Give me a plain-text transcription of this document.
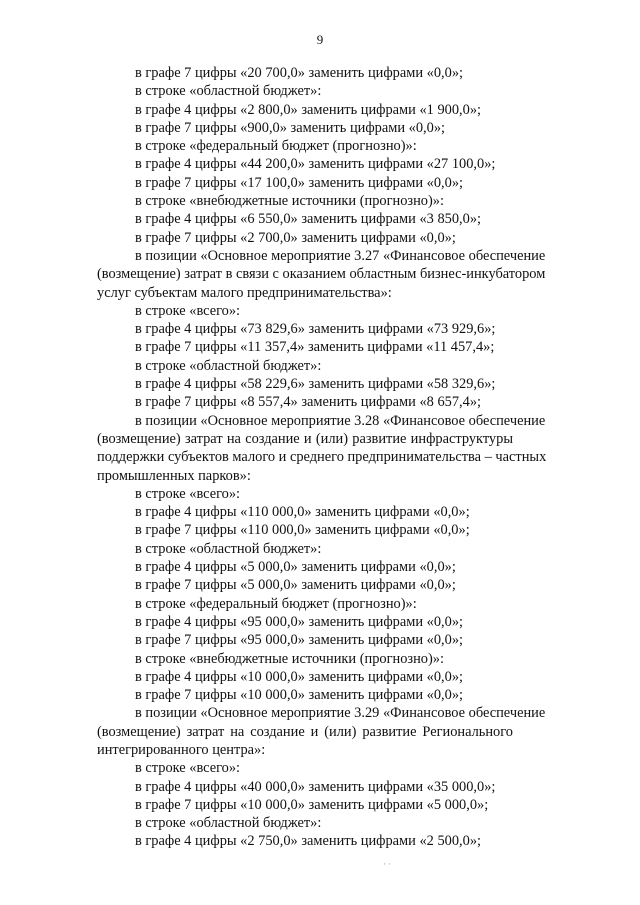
9
в графе 7 цифры «20 700,0» заменить цифрами «0,0»;
в строке «областной бюджет»:
в графе 4 цифры «2 800,0» заменить цифрами «1 900,0»;
в графе 7 цифры «900,0» заменить цифрами «0,0»;
в строке «федеральный бюджет (прогнозно)»:
в графе 4 цифры «44 200,0» заменить цифрами «27 100,0»;
в графе 7 цифры «17 100,0» заменить цифрами «0,0»;
в строке «внебюджетные источники (прогнозно)»:
в графе 4 цифры «6 550,0» заменить цифрами «3 850,0»;
в графе 7 цифры «2 700,0» заменить цифрами «0,0»;
в позиции «Основное мероприятие 3.27 «Финансовое обеспечение
(возмещение) затрат в связи с оказанием областным бизнес-инкубатором
услуг субъектам малого предпринимательства»:
в строке «всего»:
в графе 4 цифры «73 829,6» заменить цифрами «73 929,6»;
в графе 7 цифры «11 357,4» заменить цифрами «11 457,4»;
в строке «областной бюджет»:
в графе 4 цифры «58 229,6» заменить цифрами «58 329,6»;
в графе 7 цифры «8 557,4» заменить цифрами «8 657,4»;
в позиции «Основное мероприятие 3.28 «Финансовое обеспечение
(возмещение) затрат на создание и (или) развитие инфраструктуры
поддержки субъектов малого и среднего предпринимательства – частных
промышленных парков»:
в строке «всего»:
в графе 4 цифры «110 000,0» заменить цифрами «0,0»;
в графе 7 цифры «110 000,0» заменить цифрами «0,0»;
в строке «областной бюджет»:
в графе 4 цифры «5 000,0» заменить цифрами «0,0»;
в графе 7 цифры «5 000,0» заменить цифрами «0,0»;
в строке «федеральный бюджет (прогнозно)»:
в графе 4 цифры «95 000,0» заменить цифрами «0,0»;
в графе 7 цифры «95 000,0» заменить цифрами «0,0»;
в строке «внебюджетные источники (прогнозно)»:
в графе 4 цифры «10 000,0» заменить цифрами «0,0»;
в графе 7 цифры «10 000,0» заменить цифрами «0,0»;
в позиции «Основное мероприятие 3.29 «Финансовое обеспечение
(возмещение) затрат на создание и (или) развитие Регионального
интегрированного центра»:
в строке «всего»:
в графе 4 цифры «40 000,0» заменить цифрами «35 000,0»;
в графе 7 цифры «10 000,0» заменить цифрами «5 000,0»;
в строке «областной бюджет»:
в графе 4 цифры «2 750,0» заменить цифрами «2 500,0»;
· ·
